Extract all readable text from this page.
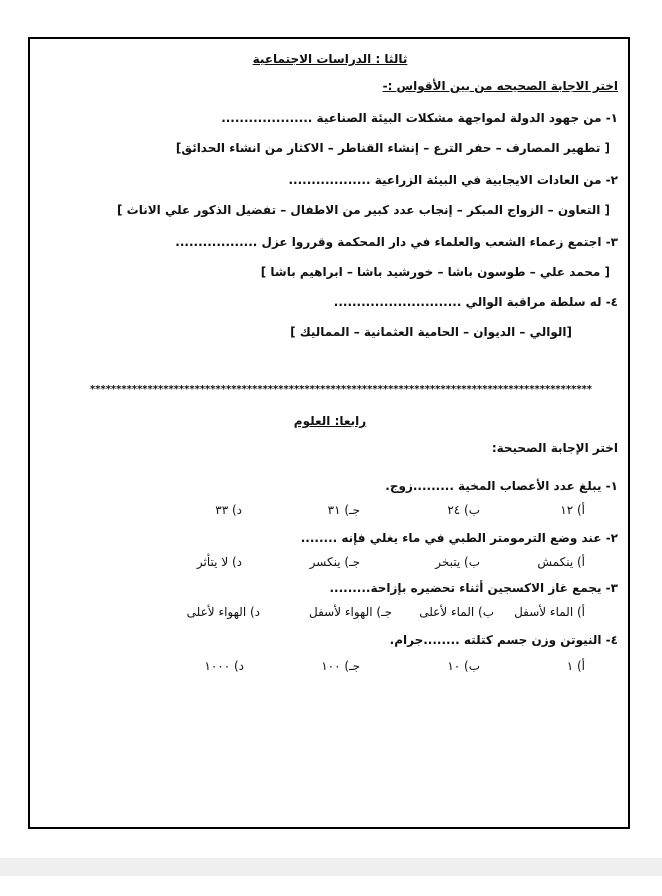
ثالثا : الدراسات الاجتماعية
اختر الاجابة الصحيحه من بين الأقواس :-
١- من جهود الدولة لمواجهة مشكلات البيئة الصناعية ....................
[ تطهير المصارف – حفر الترع – إنشاء القناطر – الاكثار من انشاء الحدائق]
٢- من العادات الايجابية في البيئة الزراعية ..................
[ التعاون – الزواج المبكر – إنجاب عدد كبير من الاطفال – تفضيل الذكور علي الاناث ]
٣- اجتمع زعماء الشعب والعلماء في دار المحكمة وقرروا عزل ..................
[ محمد علي – طوسون باشا – خورشيد باشا – ابراهيم باشا ]
٤- له سلطة مراقبة الوالي ............................
[الوالي – الديوان – الحامية العثمانية – المماليك ]
************************************************************************************************
رابعا: العلوم
اختر الإجابة الصحيحة:
١- يبلغ عدد الأعصاب المخية .........زوج.
أ) ١٢
ب) ٢٤
جـ) ٣١
د) ٣٣
٢- عند وضع الترمومتر الطبي في ماء يغلي فإنه ........
أ) ينكمش
ب) يتبخر
جـ) ينكسر
د) لا يتأثر
٣- يجمع غاز الاكسجين أثناء تحضيره بإزاحة.........
أ) الماء لأسفل
ب) الماء لأعلى
جـ) الهواء لأسفل
د) الهواء لأعلى
٤- النيوتن وزن جسم كتلته ........جرام.
أ) ١
ب) ١٠
جـ) ١٠٠
د) ١٠٠٠
